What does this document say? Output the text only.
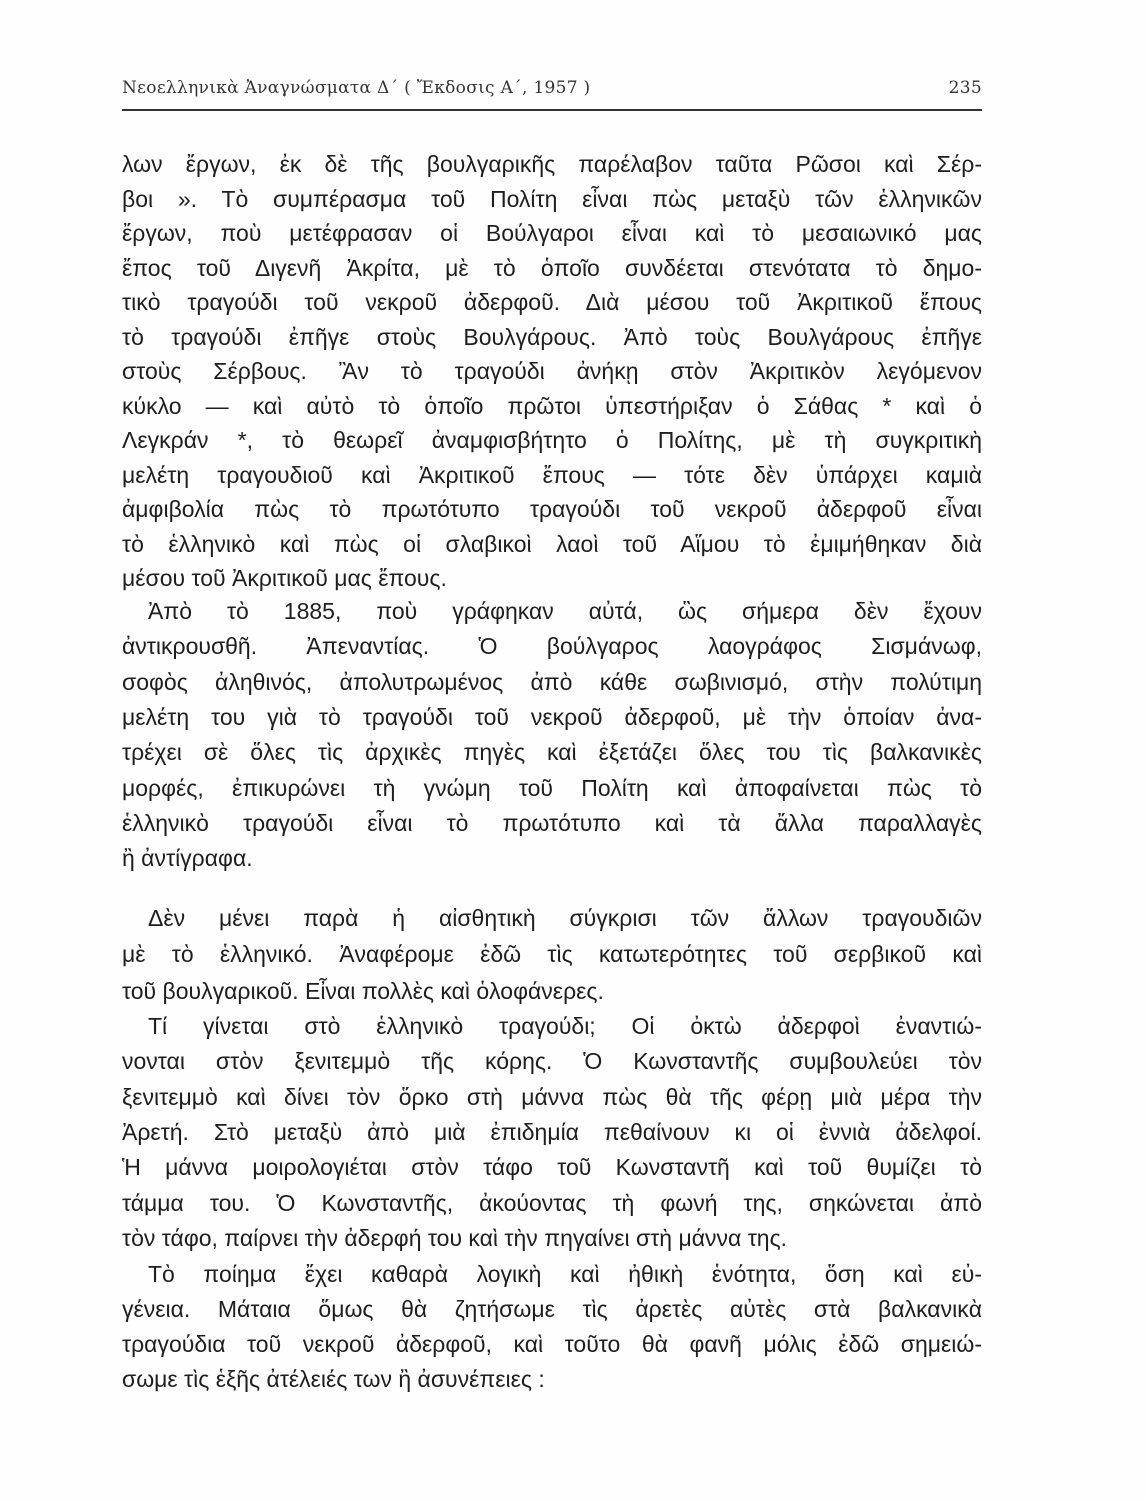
Νεοελληνικὰ Ἀναγνώσματα Δ΄ ( Ἔκδοσις Α΄, 1957 )	235
λων ἔργων, ἐκ δὲ τῆς βουλγαρικῆς παρέλαβον ταῦτα Ρῶσοι καὶ Σέρ-
βοι ». Τὸ συμπέρασμα τοῦ Πολίτη εἶναι πὼς μεταξὺ τῶν ἑλληνικῶν
ἔργων, ποὺ μετέφρασαν οἱ Βούλγαροι εἶναι καὶ τὸ μεσαιωνικό μας
ἔπος τοῦ Διγενῆ Ἀκρίτα, μὲ τὸ ὁποῖο συνδέεται στενότατα τὸ δημο-
τικὸ τραγούδι τοῦ νεκροῦ ἀδερφοῦ. Διὰ μέσου τοῦ Ἀκριτικοῦ ἔπους
τὸ τραγούδι ἐπῆγε στοὺς Βουλγάρους. Ἀπὸ τοὺς Βουλγάρους ἐπῆγε
στοὺς Σέρβους. Ἂν τὸ τραγούδι ἀνήκῃ στὸν Ἀκριτικὸν λεγόμενον
κύκλο — καὶ αὐτὸ τὸ ὁποῖο πρῶτοι ὑπεστήριξαν ὁ Σάθας * καὶ ὁ
Λεγκράν *, τὸ θεωρεῖ ἀναμφισβήτητο ὁ Πολίτης, μὲ τὴ συγκριτικὴ
μελέτη τραγουδιοῦ καὶ Ἀκριτικοῦ ἔπους — τότε δὲν ὑπάρχει καμιὰ
ἀμφιβολία πὼς τὸ πρωτότυπο τραγούδι τοῦ νεκροῦ ἀδερφοῦ εἶναι
τὸ ἑλληνικὸ καὶ πὼς οἱ σλαβικοὶ λαοὶ τοῦ Αἵμου τὸ ἐμιμήθηκαν διὰ
μέσου τοῦ Ἀκριτικοῦ μας ἔπους.
Ἀπὸ τὸ 1885, ποὺ γράφηκαν αὐτά, ὣς σήμερα δὲν ἔχουν
ἀντικρουσθῆ. Ἀπεναντίας. Ὁ βούλγαρος λαογράφος Σισμάνωφ,
σοφὸς ἀληθινός, ἀπολυτρωμένος ἀπὸ κάθε σωβινισμό, στὴν πολύτιμη
μελέτη του γιὰ τὸ τραγούδι τοῦ νεκροῦ ἀδερφοῦ, μὲ τὴν ὁποίαν ἀνα-
τρέχει σὲ ὅλες τὶς ἀρχικὲς πηγὲς καὶ ἐξετάζει ὅλες του τὶς βαλκανικὲς
μορφές, ἐπικυρώνει τὴ γνώμη τοῦ Πολίτη καὶ ἀποφαίνεται πὼς τὸ
ἑλληνικὸ τραγούδι εἶναι τὸ πρωτότυπο καὶ τὰ ἄλλα παραλλαγὲς
ἢ ἀντίγραφα.
Δὲν μένει παρὰ ἡ αἰσθητικὴ σύγκρισι τῶν ἄλλων τραγουδιῶν
μὲ τὸ ἑλληνικό. Ἀναφέρομε ἐδῶ τὶς κατωτερότητες τοῦ σερβικοῦ καὶ
τοῦ βουλγαρικοῦ. Εἶναι πολλὲς καὶ ὁλοφάνερες.
Τί γίνεται στὸ ἑλληνικὸ τραγούδι; Οἱ ὀκτὼ ἀδερφοὶ ἐναντιώ-
νονται στὸν ξενιτεμμὸ τῆς κόρης. Ὁ Κωνσταντῆς συμβουλεύει τὸν
ξενιτεμμὸ καὶ δίνει τὸν ὅρκο στὴ μάννα πὼς θὰ τῆς φέρῃ μιὰ μέρα τὴν
Ἀρετή. Στὸ μεταξὺ ἀπὸ μιὰ ἐπιδημία πεθαίνουν κι οἱ ἐννιὰ ἀδελφοί.
Ἡ μάννα μοιρολογιέται στὸν τάφο τοῦ Κωνσταντῆ καὶ τοῦ θυμίζει τὸ
τάμμα του. Ὁ Κωνσταντῆς, ἀκούοντας τὴ φωνή της, σηκώνεται ἀπὸ
τὸν τάφο, παίρνει τὴν ἀδερφή του καὶ τὴν πηγαίνει στὴ μάννα της.
Τὸ ποίημα ἔχει καθαρὰ λογικὴ καὶ ἠθικὴ ἑνότητα, ὅση καὶ εὐ-
γένεια. Μάταια ὅμως θὰ ζητήσωμε τὶς ἀρετὲς αὐτὲς στὰ βαλκανικὰ
τραγούδια τοῦ νεκροῦ ἀδερφοῦ, καὶ τοῦτο θὰ φανῆ μόλις ἐδῶ σημειώ-
σωμε τὶς ἑξῆς ἀτέλειές των ἢ ἀσυνέπειες :
